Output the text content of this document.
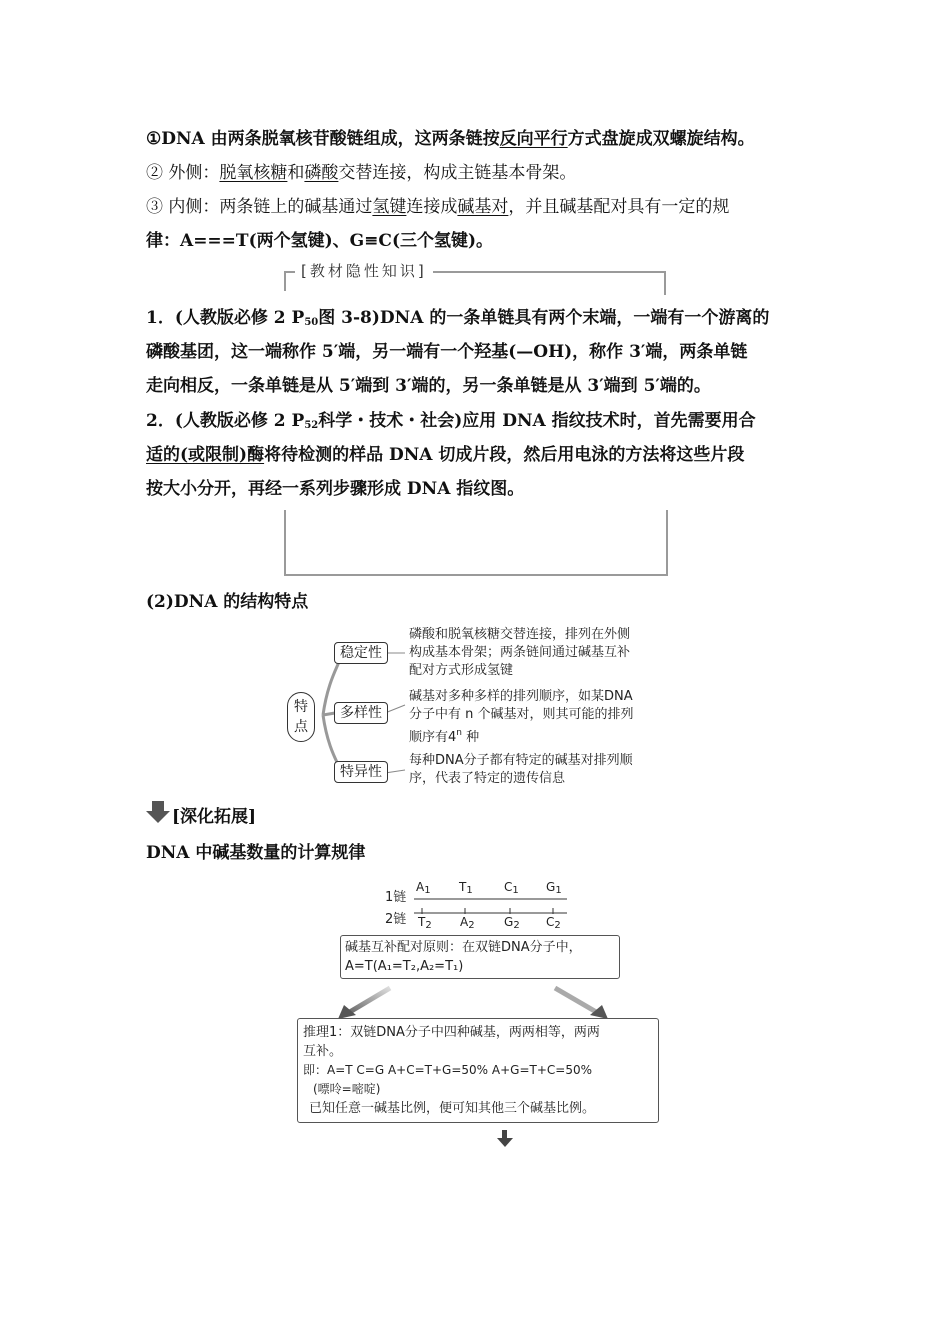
①DNA 由两条脱氧核苷酸链组成，这两条链按反向平行方式盘旋成双螺旋结构。
② 外侧：脱氧核糖和磷酸交替连接，构成主链基本骨架。
③ 内侧：两条链上的碱基通过氢键连接成碱基对，并且碱基配对具有一定的规
律：A===T(两个氢键)、G≡C(三个氢键)。
[教材隐性知识]
1．(人教版必修 2 $P_{50}$图 3-8)DNA 的一条单链具有两个末端，一端有一个游离的
磷酸基团，这一端称作 5′端，另一端有一个羟基(—OH)，称作 3′端，两条单链
走向相反，一条单链是从 5′端到 3′端的，另一条单链是从 3′端到 5′端的。
2．(人教版必修 2 $P_{52}$科学・技术・社会)应用 DNA 指纹技术时，首先需要用合
适的(或限制)酶将待检测的样品 DNA 切成片段，然后用电泳的方法将这些片段
按大小分开，再经一系列步骤形成 DNA 指纹图。
(2)DNA 的结构特点
特点
稳定性
磷酸和脱氧核糖交替连接，排列在外侧
构成基本骨架；两条链间通过碱基互补
配对方式形成氢键
多样性
碱基对多种多样的排列顺序，如某DNA
分子中有 n 个碱基对，则其可能的排列
顺序有4$^n$ 种
特异性
每种DNA分子都有特定的碱基对排列顺
序，代表了特定的遗传信息
[深化拓展]
DNA 中碱基数量的计算规律
1链
2链
$A_1$ $T_1$	$C_1$ $G_1$
$T_2$ $A_2$ $G_2$ $C_2$
碱基互补配对原则：在双链DNA分子中，
A=T(A₁=T₂,A₂=T₁)
推理1：双链DNA分子中四种碱基，两两相等，两两
互补。
即：A=T C=G A+C=T+G=50% A+G=T+C=50%
(嘌呤=嘧啶)
已知任意一碱基比例，便可知其他三个碱基比例。
